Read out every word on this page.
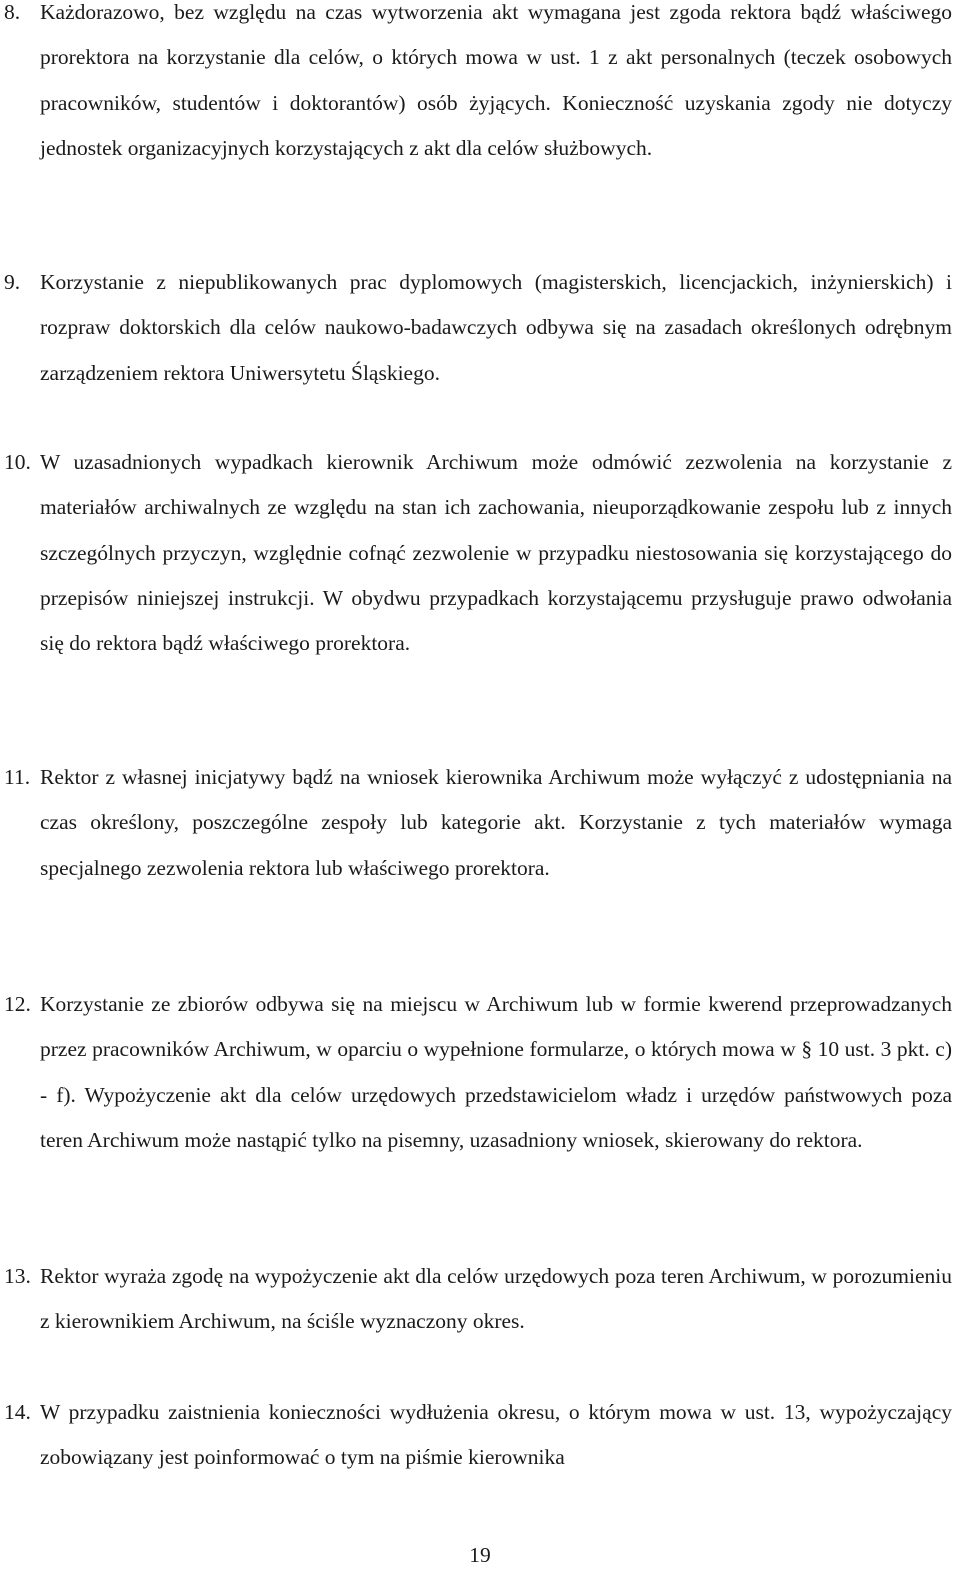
8. Każdorazowo, bez względu na czas wytworzenia akt wymagana jest zgoda rektora bądź właściwego prorektora na korzystanie dla celów, o których mowa w ust. 1 z akt personalnych (teczek osobowych pracowników, studentów i doktorantów) osób żyjących. Konieczność uzyskania zgody nie dotyczy jednostek organizacyjnych korzystających z akt dla celów służbowych.
9. Korzystanie z niepublikowanych prac dyplomowych (magisterskich, licencjackich, inżynierskich) i rozpraw doktorskich dla celów naukowo-badawczych odbywa się na zasadach określonych odrębnym zarządzeniem rektora Uniwersytetu Śląskiego.
10. W uzasadnionych wypadkach kierownik Archiwum może odmówić zezwolenia na korzystanie z materiałów archiwalnych ze względu na stan ich zachowania, nieuporządkowanie zespołu lub z innych szczególnych przyczyn, względnie cofnąć zezwolenie w przypadku niestosowania się korzystającego do przepisów niniejszej instrukcji. W obydwu przypadkach korzystającemu przysługuje prawo odwołania się do rektora bądź właściwego prorektora.
11. Rektor z własnej inicjatywy bądź na wniosek kierownika Archiwum może wyłączyć z udostępniania na czas określony, poszczególne zespoły lub kategorie akt. Korzystanie z tych materiałów wymaga specjalnego zezwolenia rektora lub właściwego prorektora.
12. Korzystanie ze zbiorów odbywa się na miejscu w Archiwum lub w formie kwerend przeprowadzanych przez pracowników Archiwum, w oparciu o wypełnione formularze, o których mowa w § 10 ust. 3 pkt. c) - f). Wypożyczenie akt dla celów urzędowych przedstawicielom władz i urzędów państwowych poza teren Archiwum może nastąpić tylko na pisemny, uzasadniony wniosek, skierowany do rektora.
13. Rektor wyraża zgodę na wypożyczenie akt dla celów urzędowych poza teren Archiwum, w porozumieniu z kierownikiem Archiwum, na ściśle wyznaczony okres.
14. W przypadku zaistnienia konieczności wydłużenia okresu, o którym mowa w ust. 13, wypożyczający zobowiązany jest poinformować o tym na piśmie kierownika
19
